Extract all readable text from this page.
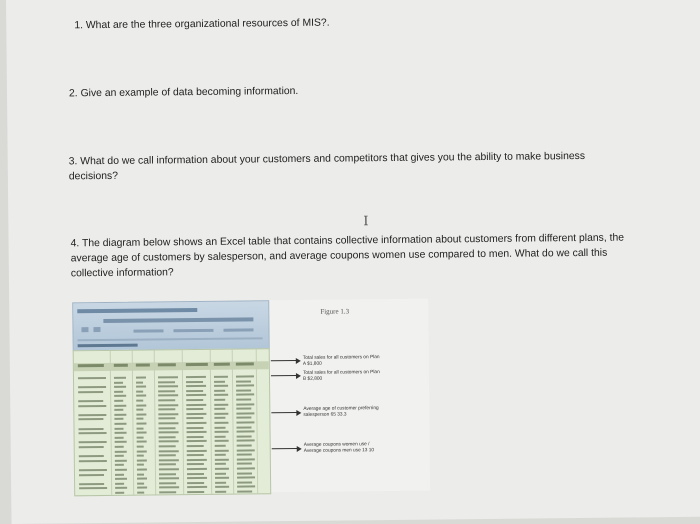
1. What are the three organizational resources of MIS?.
2. Give an example of data becoming information.
3. What do we call information about your customers and competitors that gives you the ability to make business decisions?
I
4. The diagram below shows an Excel table that contains collective information about customers from different plans, the average age of customers by salesperson, and average coupons women use compared to men. What do we call this collective information?
Figure 1.3
Total sales for all customers on Plan A $1,800
Total sales for all customers on Plan B $2,800
Average age of customer preferring salesperson 65 33.3
Average coupons women use / Average coupons men use 13 10
